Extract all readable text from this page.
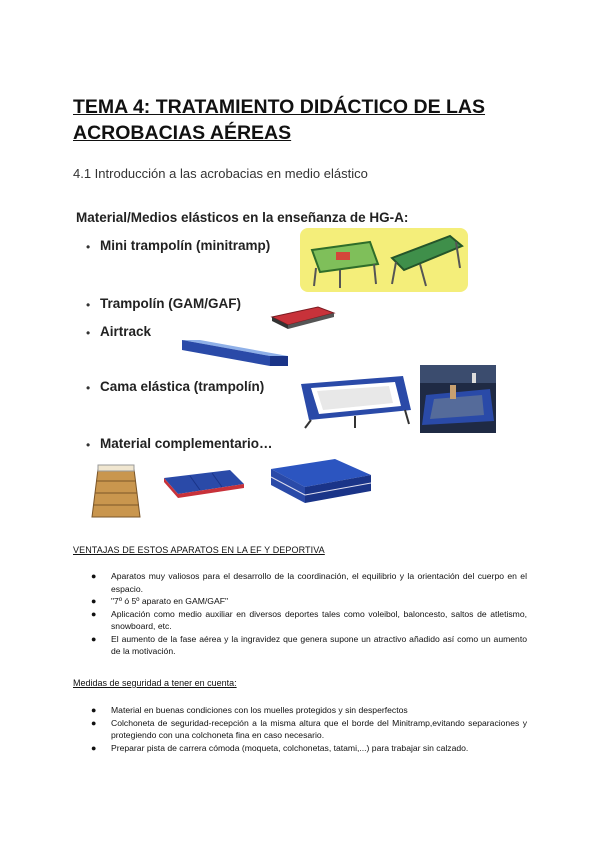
TEMA 4: TRATAMIENTO DIDÁCTICO DE LAS ACROBACIAS AÉREAS
4.1 Introducción a las acrobacias en medio elástico
Material/Medios elásticos en la enseñanza de HG-A:
• Mini trampolín (minitramp)
• Trampolín (GAM/GAF)
• Airtrack
• Cama elástica (trampolín)
• Material complementario…
VENTAJAS DE ESTOS APARATOS EN LA EF Y DEPORTIVA
● Aparatos muy valiosos para el desarrollo de la coordinación, el equilibrio y la orientación del cuerpo en el espacio.
● "7º ó 5º aparato en GAM/GAF"
● Aplicación como medio auxiliar en diversos deportes tales como voleibol, baloncesto, saltos de atletismo, snowboard, etc.
● El aumento de la fase aérea y la ingravidez que genera supone un atractivo añadido así como un aumento de la motivación.
Medidas de seguridad a tener en cuenta:
● Material en buenas condiciones con los muelles protegidos y sin desperfectos
● Colchoneta de seguridad-recepción a la misma altura que el borde del Minitramp,evitando separaciones y protegiendo con una colchoneta fina en caso necesario.
● Preparar pista de carrera cómoda (moqueta, colchonetas, tatami,...) para trabajar sin calzado.
